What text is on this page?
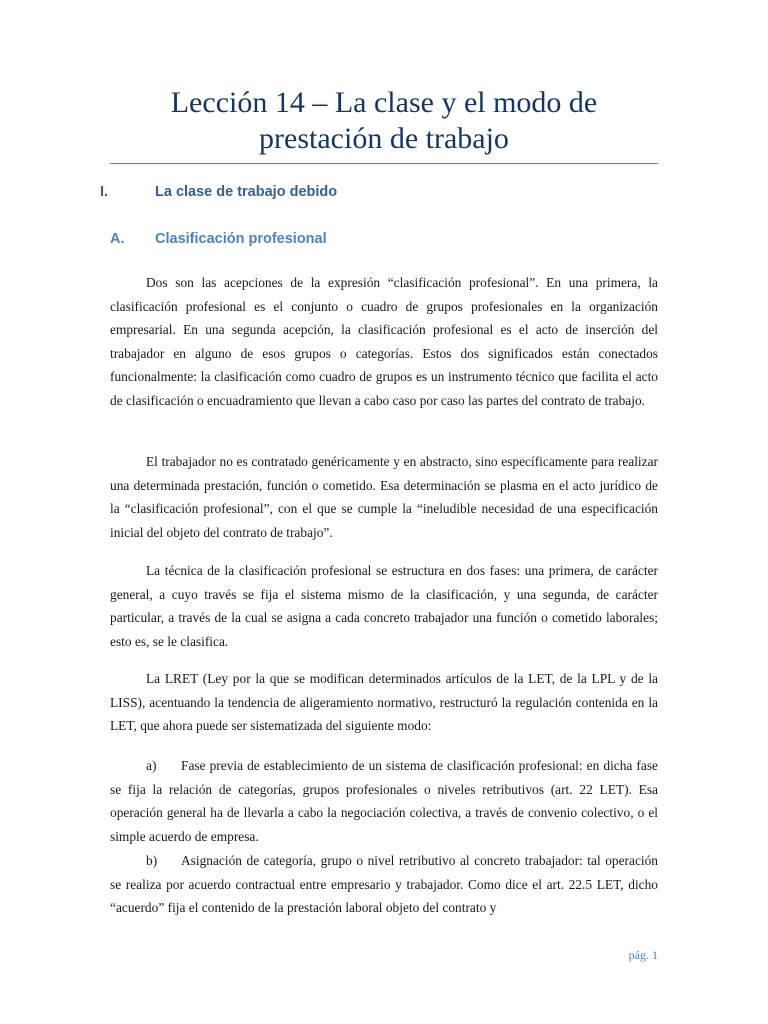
Lección 14 – La clase y el modo de
prestación de trabajo
I.	La clase de trabajo debido
A. Clasificación profesional

Dos son las acepciones de la expresión “clasificación profesional”. En una primera, la clasificación profesional es el conjunto o cuadro de grupos profesionales en la organización empresarial. En una segunda acepción, la clasificación profesional es el acto de inserción del trabajador en alguno de esos grupos o categorías. Estos dos significados están conectados funcionalmente: la clasificación como cuadro de grupos es un instrumento técnico que facilita el acto de clasificación o encuadramiento que llevan a cabo caso por caso las partes del contrato de trabajo.

El trabajador no es contratado genéricamente y en abstracto, sino específicamente para realizar una determinada prestación, función o cometido. Esa determinación se plasma en el acto jurídico de la “clasificación profesional”, con el que se cumple la “ineludible necesidad de una especificación inicial del objeto del contrato de trabajo”.

La técnica de la clasificación profesional se estructura en dos fases: una primera, de carácter general, a cuyo través se fija el sistema mismo de la clasificación, y una segunda, de carácter particular, a través de la cual se asigna a cada concreto trabajador una función o cometido laborales; esto es, se le clasifica.

La LRET (Ley por la que se modifican determinados artículos de la LET, de la LPL y de la LISS), acentuando la tendencia de aligeramiento normativo, restructuró la regulación contenida en la LET, que ahora puede ser sistematizada del siguiente modo:

a) Fase previa de establecimiento de un sistema de clasificación profesional: en dicha fase se fija la relación de categorías, grupos profesionales o niveles retributivos (art. 22 LET). Esa operación general ha de llevarla a cabo la negociación colectiva, a través de convenio colectivo, o el simple acuerdo de empresa.

b) Asignación de categoría, grupo o nivel retributivo al concreto trabajador: tal operación se realiza por acuerdo contractual entre empresario y trabajador. Como dice el art. 22.5 LET, dicho “acuerdo” fija el contenido de la prestación laboral objeto del contrato y

pág. 1
